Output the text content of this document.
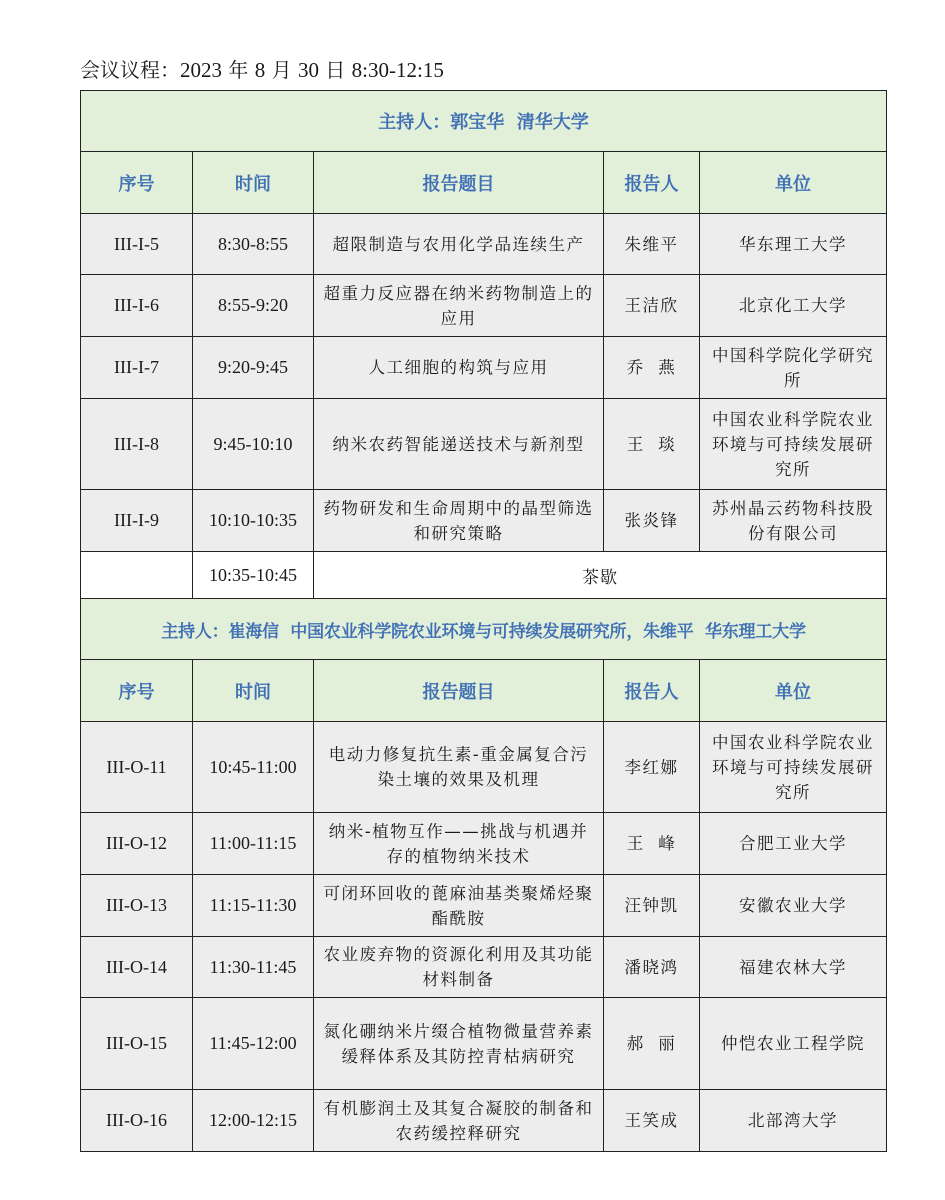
会议议程：2023 年 8 月 30 日 8:30-12:15
主持人：郭宝华  清华大学				
序号	时间	报告题目	报告人	单位
III-I-5	8:30-8:55	超限制造与农用化学品连续生产	朱维平	华东理工大学
III-I-6	8:55-9:20	超重力反应器在纳米药物制造上的应用	王洁欣	北京化工大学
III-I-7	9:20-9:45	人工细胞的构筑与应用	乔  燕	中国科学院化学研究所
III-I-8	9:45-10:10	纳米农药智能递送技术与新剂型	王  琰	中国农业科学院农业环境与可持续发展研究所
III-I-9	10:10-10:35	药物研发和生命周期中的晶型筛选和研究策略	张炎锋	苏州晶云药物科技股份有限公司
	10:35-10:45	茶歇		
主持人：崔海信  中国农业科学院农业环境与可持续发展研究所，朱维平  华东理工大学				
序号	时间	报告题目	报告人	单位
III-O-11	10:45-11:00	电动力修复抗生素-重金属复合污染土壤的效果及机理	李红娜	中国农业科学院农业环境与可持续发展研究所
III-O-12	11:00-11:15	纳米-植物互作——挑战与机遇并存的植物纳米技术	王  峰	合肥工业大学
III-O-13	11:15-11:30	可闭环回收的蓖麻油基类聚烯烃聚酯酰胺	汪钟凯	安徽农业大学
III-O-14	11:30-11:45	农业废弃物的资源化利用及其功能材料制备	潘晓鸿	福建农林大学
III-O-15	11:45-12:00	氮化硼纳米片缀合植物微量营养素缓释体系及其防控青枯病研究	郝  丽	仲恺农业工程学院
III-O-16	12:00-12:15	有机膨润土及其复合凝胶的制备和农药缓控释研究	王笑成	北部湾大学
